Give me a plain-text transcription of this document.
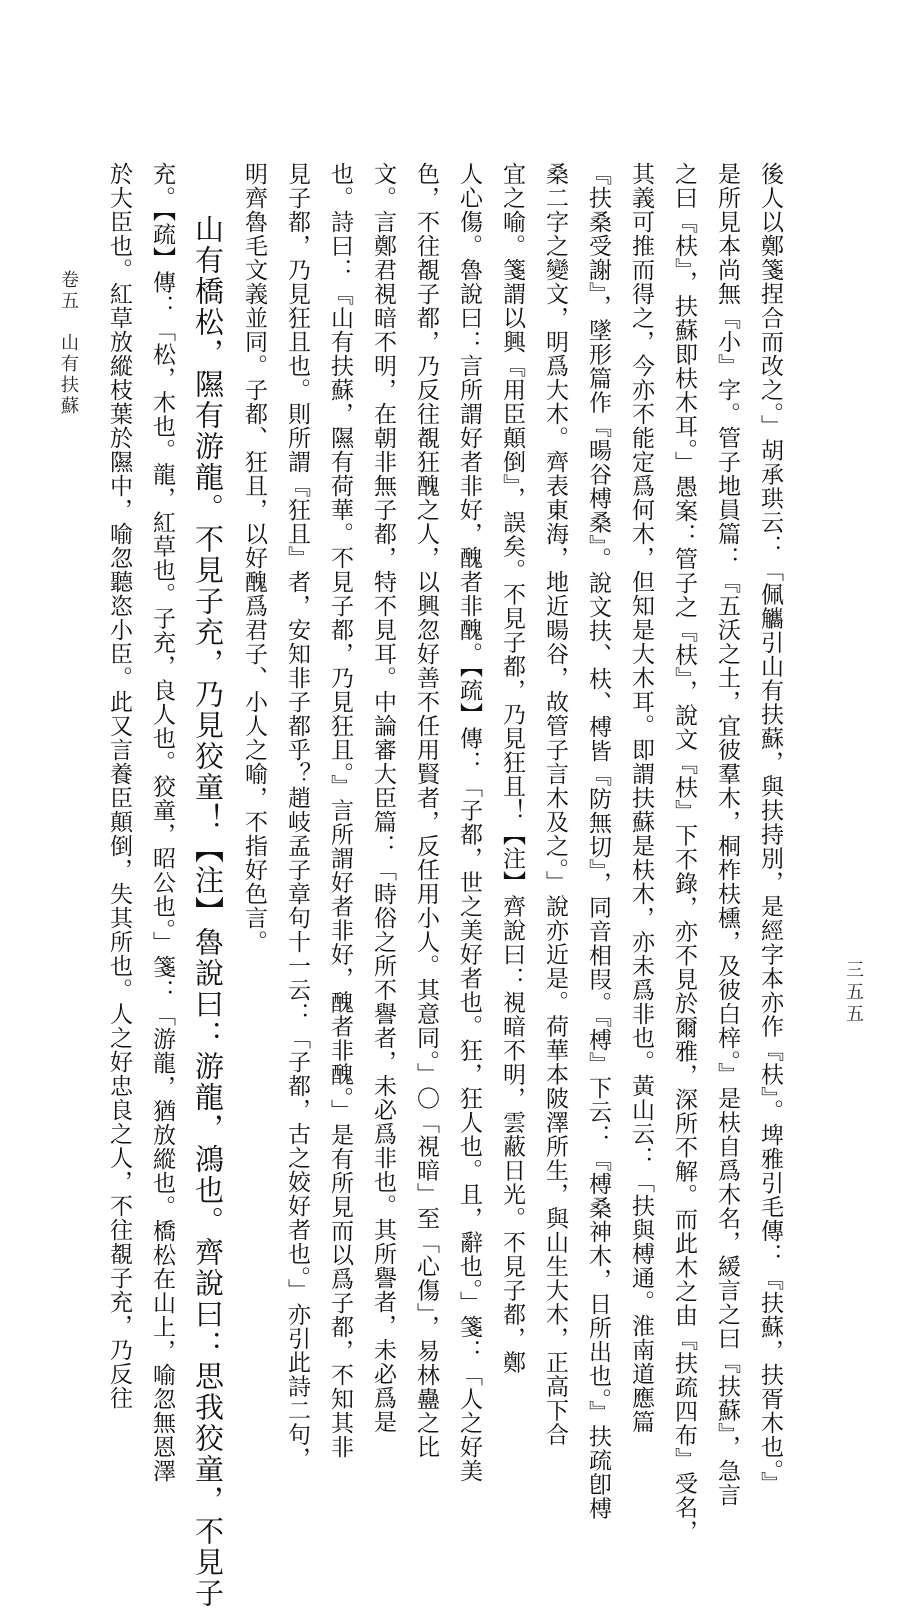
卷五　山有扶蘇
三五五
後人以鄭箋捏合而改之。」胡承珙云：「佩觿引山有扶蘇，與扶持別，是經字本亦作『枎』。埤雅引毛傳：『扶蘇，扶胥木也。』
是所見本尚無『小』字。管子地員篇：『五沃之土，宜彼羣木，桐柞枎櫄，及彼白梓。』是枎自爲木名，緩言之曰『扶蘇』，急言
之曰『枎』，扶蘇即枎木耳。」愚案：管子之『枎』，說文『枎』下不錄，亦不見於爾雅，深所不解。而此木之由『扶疏四布』受名，
其義可推而得之，今亦不能定爲何木，但知是大木耳。即謂扶蘇是枎木，亦未爲非也。黃山云：「扶與榑通。淮南道應篇
『扶桑受謝』，墜形篇作『暘谷榑桑』。說文扶、枎、榑皆『防無切』，同音相叚。『榑』下云：『榑桑神木，日所出也。』扶疏卽榑
桑二字之變文，明爲大木。齊表東海，地近暘谷，故管子言木及之。」說亦近是。荷華本陂澤所生，與山生大木，正高下合
宜之喻。箋謂以興『用臣顛倒』，誤矣。不見子都，乃見狂且！【注】齊說曰：視暗不明，雲蔽日光。不見子都，鄭
人心傷。魯說曰：言所謂好者非好，醜者非醜。【疏】傳：「子都，世之美好者也。狂，狂人也。且，辭也。」箋：「人之好美
色，不往覩子都，乃反往覩狂醜之人，以興忽好善不任用賢者，反任用小人。其意同。」〇「視暗」至「心傷」，易林蠱之比
文。言鄭君視暗不明，在朝非無子都，特不見耳。中論審大臣篇：「時俗之所不譽者，未必爲非也。其所譽者，未必爲是
也。詩曰：『山有扶蘇，隰有荷華。不見子都，乃見狂且。』言所謂好者非好，醜者非醜。」是有所見而以爲子都，不知其非
見子都，乃見狂且也。則所謂『狂且』者，安知非子都乎？趙岐孟子章句十一云：「子都，古之姣好者也。」亦引此詩二句，
明齊魯毛文義並同。子都、狂且，以好醜爲君子、小人之喻，不指好色言。
山有橋松，隰有游龍。不見子充，乃見狡童！【注】魯說曰：游龍，鴻也。齊說曰：思我狡童，不見子
充。【疏】傳：「松，木也。龍，紅草也。子充，良人也。狡童，昭公也。」箋：「游龍，猶放縱也。橋松在山上，喻忽無恩澤
於大臣也。紅草放縱枝葉於隰中，喻忽聽恣小臣。此又言養臣顛倒，失其所也。人之好忠良之人，不往覩子充，乃反往
